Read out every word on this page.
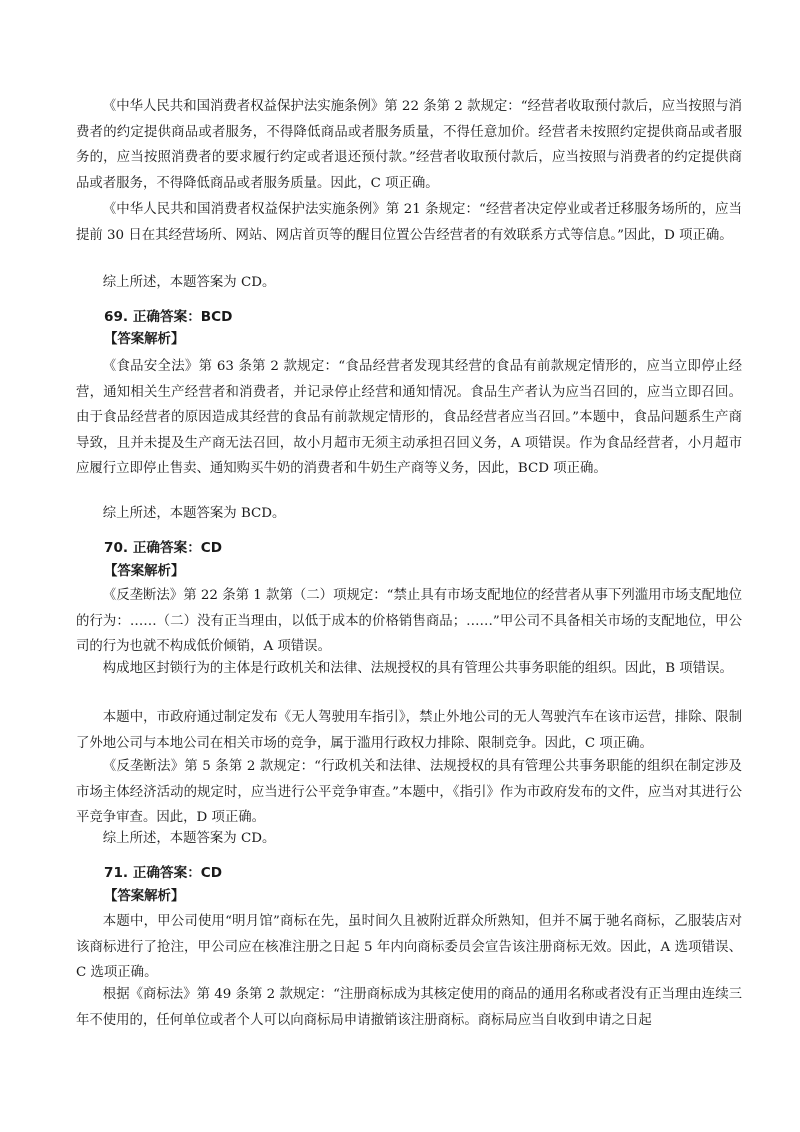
《中华人民共和国消费者权益保护法实施条例》第 22 条第 2 款规定：“经营者收取预付款后，应当按照与消费者的约定提供商品或者服务，不得降低商品或者服务质量，不得任意加价。经营者未按照约定提供商品或者服务的，应当按照消费者的要求履行约定或者退还预付款。”经营者收取预付款后，应当按照与消费者的约定提供商品或者服务，不得降低商品或者服务质量。因此，C 项正确。

《中华人民共和国消费者权益保护法实施条例》第 21 条规定：“经营者决定停业或者迁移服务场所的，应当提前 30 日在其经营场所、网站、网店首页等的醒目位置公告经营者的有效联系方式等信息。”因此，D 项正确。

综上所述，本题答案为 CD。

69. 正确答案：BCD

【答案解析】

《食品安全法》第 63 条第 2 款规定：“食品经营者发现其经营的食品有前款规定情形的，应当立即停止经营，通知相关生产经营者和消费者，并记录停止经营和通知情况。食品生产者认为应当召回的，应当立即召回。由于食品经营者的原因造成其经营的食品有前款规定情形的，食品经营者应当召回。”本题中，食品问题系生产商导致，且并未提及生产商无法召回，故小月超市无须主动承担召回义务，A 项错误。作为食品经营者，小月超市应履行立即停止售卖、通知购买牛奶的消费者和牛奶生产商等义务，因此，BCD 项正确。

综上所述，本题答案为 BCD。

70. 正确答案：CD

【答案解析】

《反垄断法》第 22 条第 1 款第（二）项规定：“禁止具有市场支配地位的经营者从事下列滥用市场支配地位的行为：……（二）没有正当理由，以低于成本的价格销售商品；……”甲公司不具备相关市场的支配地位，甲公司的行为也就不构成低价倾销，A 项错误。

构成地区封锁行为的主体是行政机关和法律、法规授权的具有管理公共事务职能的组织。因此，B 项错误。

本题中，市政府通过制定发布《无人驾驶用车指引》，禁止外地公司的无人驾驶汽车在该市运营，排除、限制了外地公司与本地公司在相关市场的竞争，属于滥用行政权力排除、限制竞争。因此，C 项正确。

《反垄断法》第 5 条第 2 款规定：“行政机关和法律、法规授权的具有管理公共事务职能的组织在制定涉及市场主体经济活动的规定时，应当进行公平竞争审查。”本题中，《指引》作为市政府发布的文件，应当对其进行公平竞争审查。因此，D 项正确。

综上所述，本题答案为 CD。

71. 正确答案：CD

【答案解析】

本题中，甲公司使用“明月馆”商标在先，虽时间久且被附近群众所熟知，但并不属于驰名商标，乙服装店对该商标进行了抢注，甲公司应在核准注册之日起 5 年内向商标委员会宣告该注册商标无效。因此，A 选项错误、C 选项正确。

根据《商标法》第 49 条第 2 款规定：“注册商标成为其核定使用的商品的通用名称或者没有正当理由连续三年不使用的，任何单位或者个人可以向商标局申请撤销该注册商标。商标局应当自收到申请之日起
